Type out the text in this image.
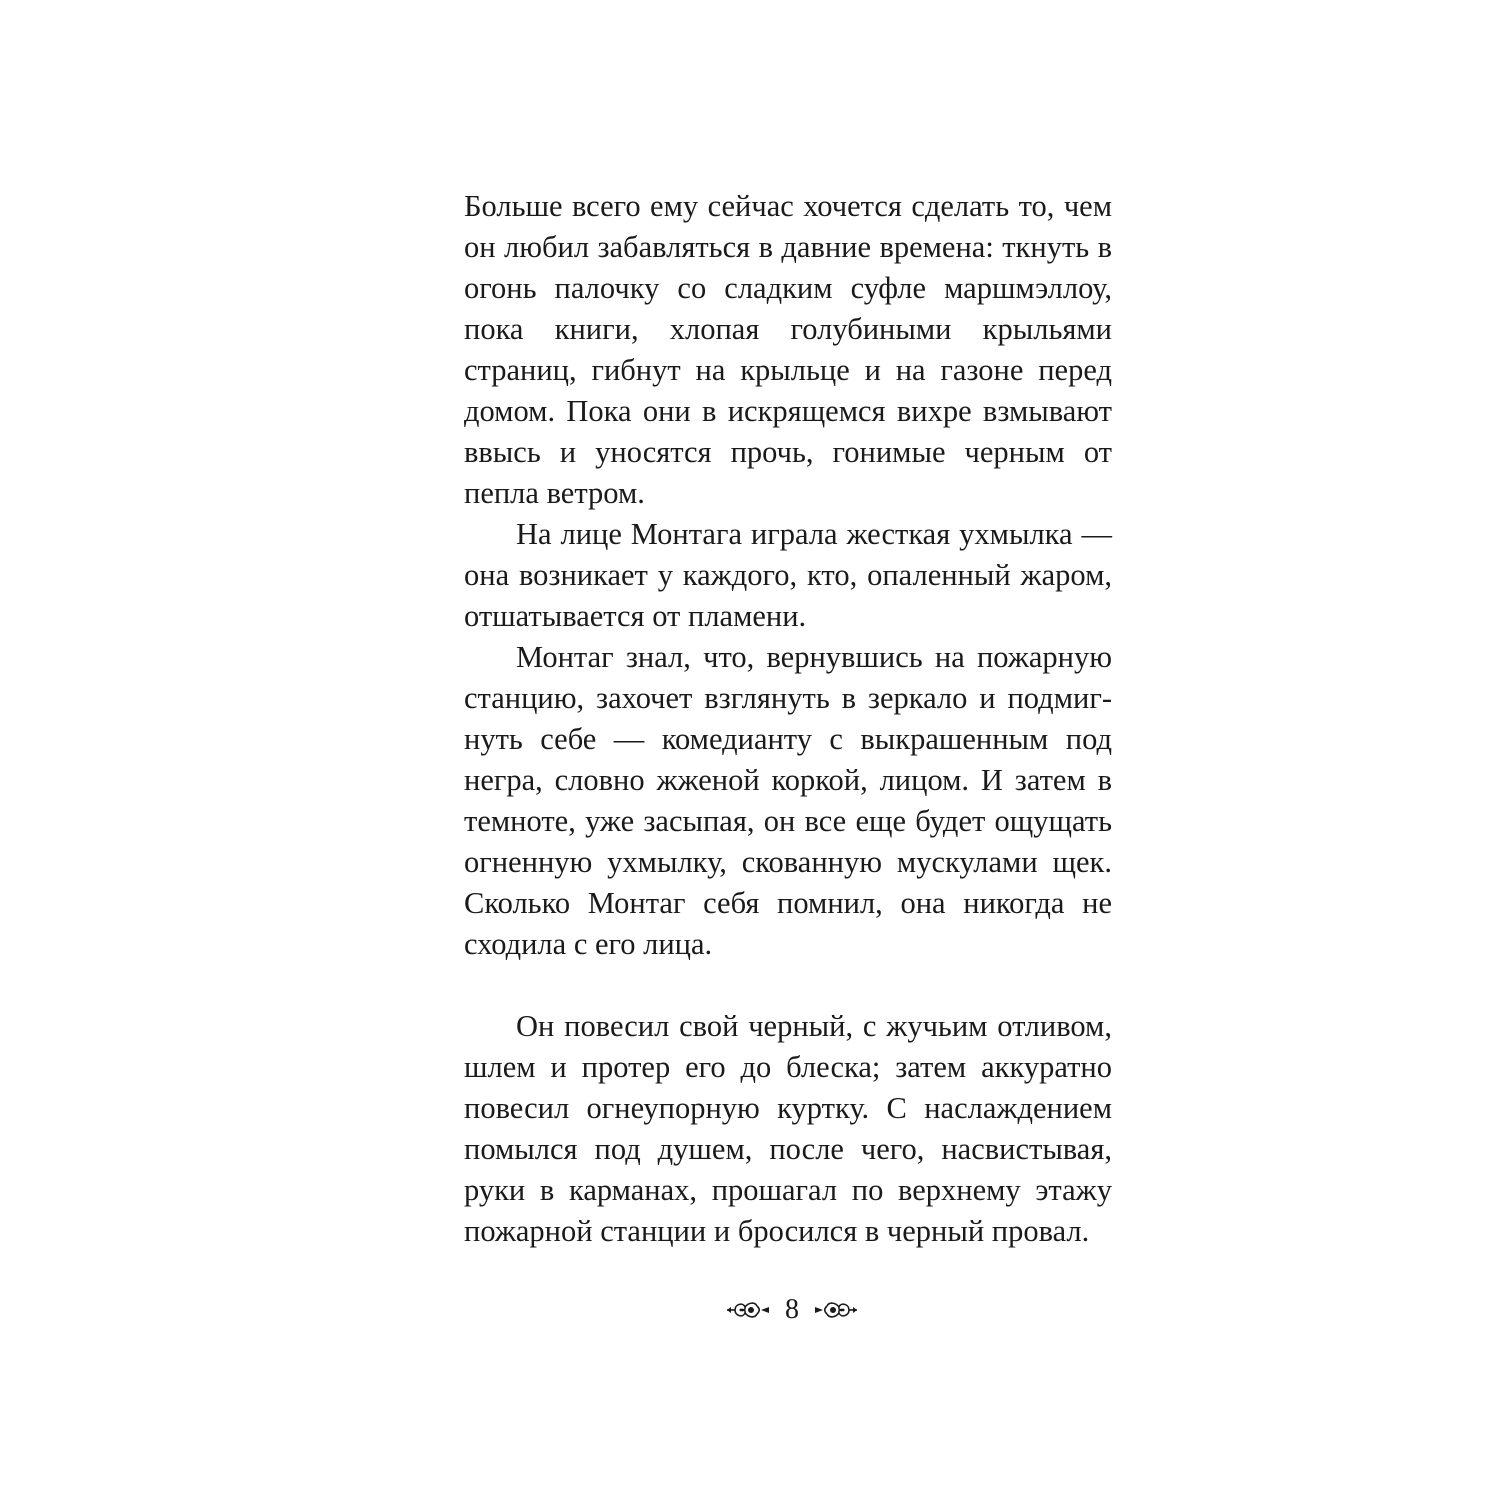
Больше всего ему сейчас хочется сделать то, чем он любил забавляться в давние времена: ткнуть в огонь палочку со сладким суфле маршмэллоу, пока книги, хлопая голубиными крыльями страниц, гибнут на крыльце и на газоне перед домом. Пока они в искрящемся вихре взмывают ввысь и уносятся прочь, гонимые черным от пепла ветром.

На лице Монтага играла жесткая ухмылка — она возникает у каждого, кто, опаленный жаром, отшатывается от пламени.

Монтаг знал, что, вернувшись на пожарную станцию, захочет взглянуть в зеркало и подмигнуть себе — комедианту с выкрашенным под негра, словно жженой коркой, лицом. И затем в темноте, уже засыпая, он все еще будет ощущать огненную ухмылку, скованную мускулами щек. Сколько Монтаг себя помнил, она никогда не сходила с его лица.

Он повесил свой черный, с жучьим отливом, шлем и протер его до блеска; затем аккуратно повесил огнеупорную куртку. С наслаждением помылся под душем, после чего, насвистывая, руки в карманах, прошагал по верхнему этажу пожарной станции и бросился в черный провал.

8
